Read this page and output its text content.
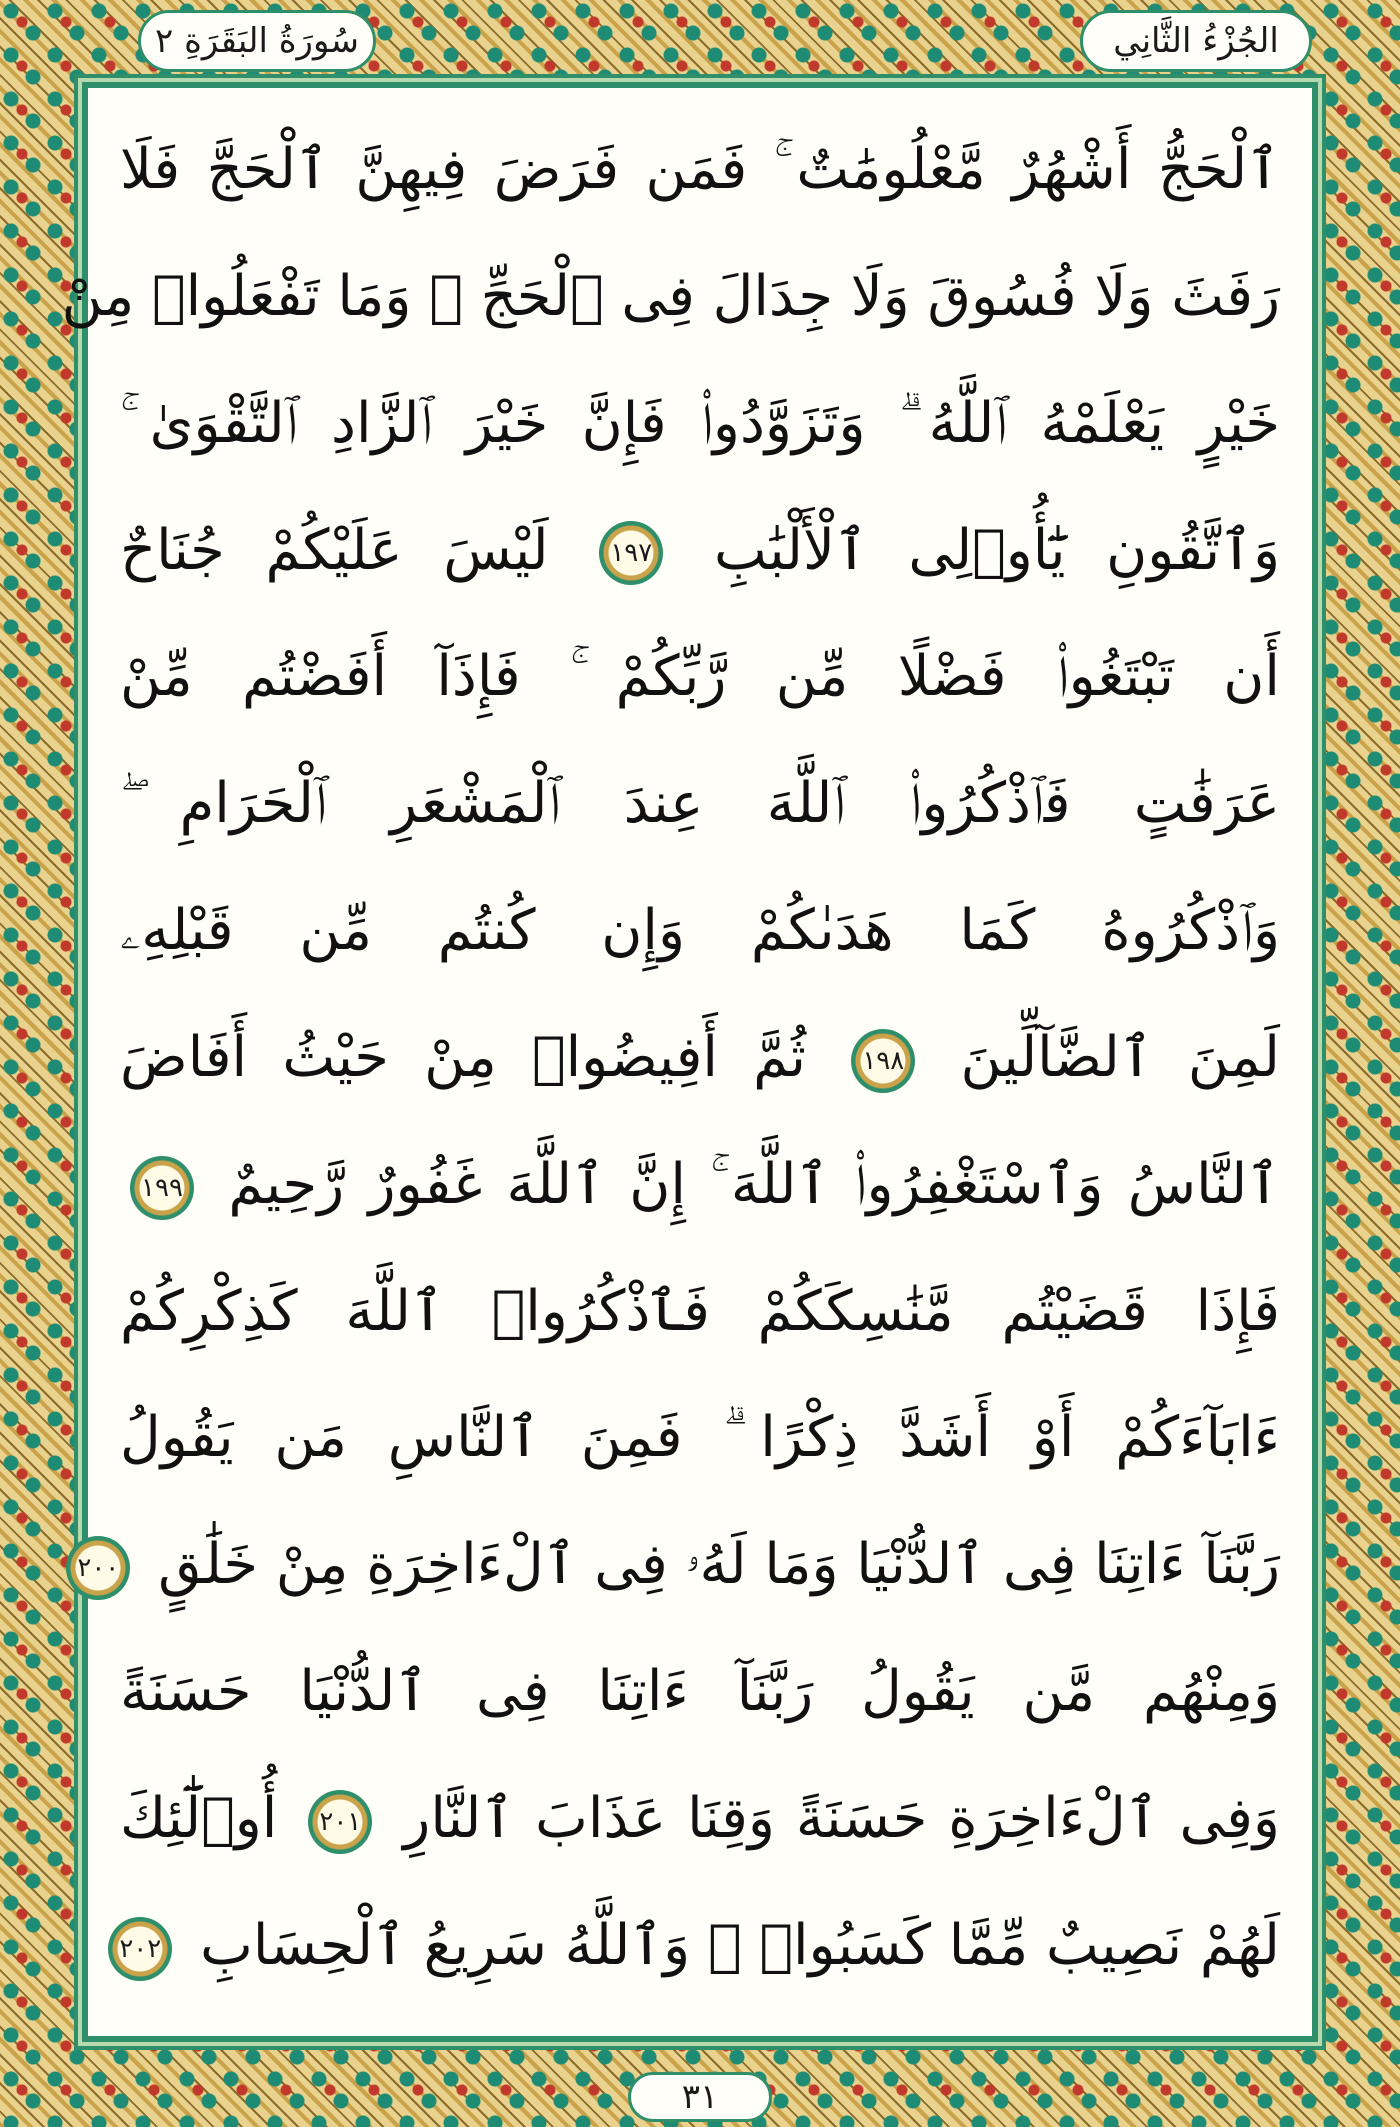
الجُزْءُ الثَّانِي
سُورَةُ البَقَرَةِ ٢
ٱلْحَجُّ أَشْهُرٌ مَّعْلُومَٰتٌ ۚ فَمَن فَرَضَ فِيهِنَّ ٱلْحَجَّ فَلَا
رَفَثَ وَلَا فُسُوقَ وَلَا جِدَالَ فِى ٱلْحَجِّ ۗ وَمَا تَفْعَلُوا۟ مِنْ
خَيْرٍ يَعْلَمْهُ ٱللَّهُ ۗ وَتَزَوَّدُوا۟ فَإِنَّ خَيْرَ ٱلزَّادِ ٱلتَّقْوَىٰ ۚ
وَٱتَّقُونِ يَٰٓأُو۟لِى ٱلْأَلْبَٰبِ ١٩٧ لَيْسَ عَلَيْكُمْ جُنَاحٌ
أَن تَبْتَغُوا۟ فَضْلًا مِّن رَّبِّكُمْ ۚ فَإِذَآ أَفَضْتُم مِّنْ
عَرَفَٰتٍ فَٱذْكُرُوا۟ ٱللَّهَ عِندَ ٱلْمَشْعَرِ ٱلْحَرَامِ ۖ
وَٱذْكُرُوهُ كَمَا هَدَىٰكُمْ وَإِن كُنتُم مِّن قَبْلِهِۦ
لَمِنَ ٱلضَّآلِّينَ ١٩٨ ثُمَّ أَفِيضُوا۟ مِنْ حَيْثُ أَفَاضَ
ٱلنَّاسُ وَٱسْتَغْفِرُوا۟ ٱللَّهَ ۚ إِنَّ ٱللَّهَ غَفُورٌ رَّحِيمٌ ١٩٩
فَإِذَا قَضَيْتُم مَّنَٰسِكَكُمْ فَٱذْكُرُوا۟ ٱللَّهَ كَذِكْرِكُمْ
ءَابَآءَكُمْ أَوْ أَشَدَّ ذِكْرًا ۗ فَمِنَ ٱلنَّاسِ مَن يَقُولُ
رَبَّنَآ ءَاتِنَا فِى ٱلدُّنْيَا وَمَا لَهُۥ فِى ٱلْءَاخِرَةِ مِنْ خَلَٰقٍ ٢٠٠
وَمِنْهُم مَّن يَقُولُ رَبَّنَآ ءَاتِنَا فِى ٱلدُّنْيَا حَسَنَةً
وَفِى ٱلْءَاخِرَةِ حَسَنَةً وَقِنَا عَذَابَ ٱلنَّارِ ٢٠١ أُو۟لَٰٓئِكَ
لَهُمْ نَصِيبٌ مِّمَّا كَسَبُوا۟ ۚ وَٱللَّهُ سَرِيعُ ٱلْحِسَابِ ٢٠٢
٣١
